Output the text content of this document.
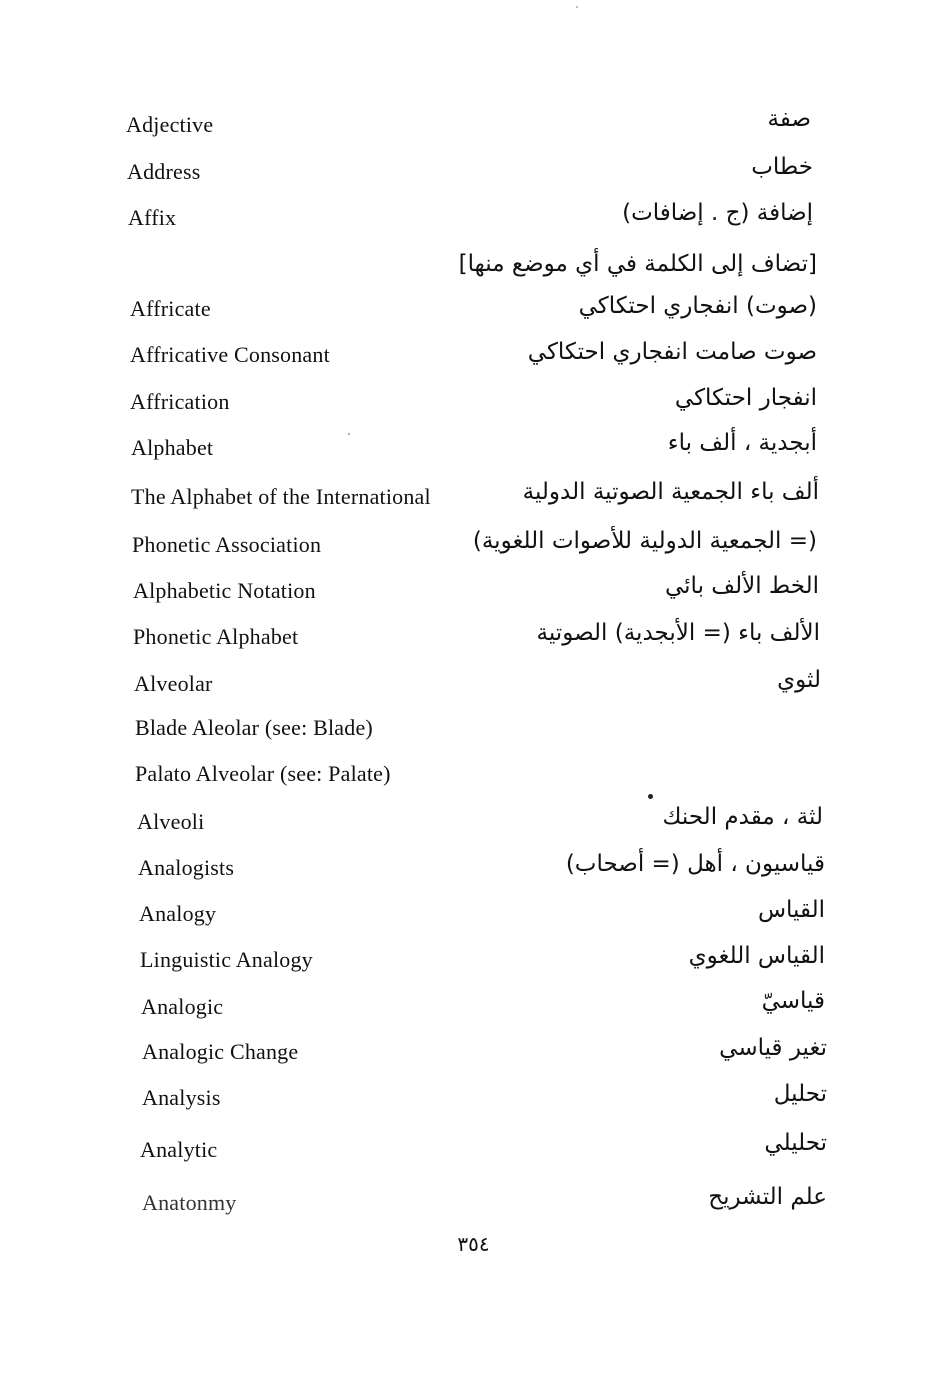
Adjective
Address
Affix
Affricate
Affricative Consonant
Affrication
Alphabet
The Alphabet of the International
Phonetic Association
Alphabetic Notation
Phonetic Alphabet
Alveolar
Blade Aleolar (see: Blade)
Palato Alveolar (see: Palate)
Alveoli
Analogists
Analogy
Linguistic Analogy
Analogic
Analogic Change
Analysis
Analytic
Anatonmy
صفة
خطاب
إضافة (ج . إضافات)
[تضاف إلى الكلمة في أي موضع منها]
(صوت) انفجاري احتكاكي
صوت صامت انفجاري احتكاكي
انفجار احتكاكي
أبجدية ، ألف باء
ألف باء الجمعية الصوتية الدولية
(= الجمعية الدولية للأصوات اللغوية)
الخط الألف بائي
الألف باء (= الأبجدية) الصوتية
لثوي
لثة ، مقدم الحنك
قياسيون ، أهل (= أصحاب)
القياس
القياس اللغوي
قياسيّ
تغير قياسي
تحليل
تحليلي
علم التشريح
٣٥٤
